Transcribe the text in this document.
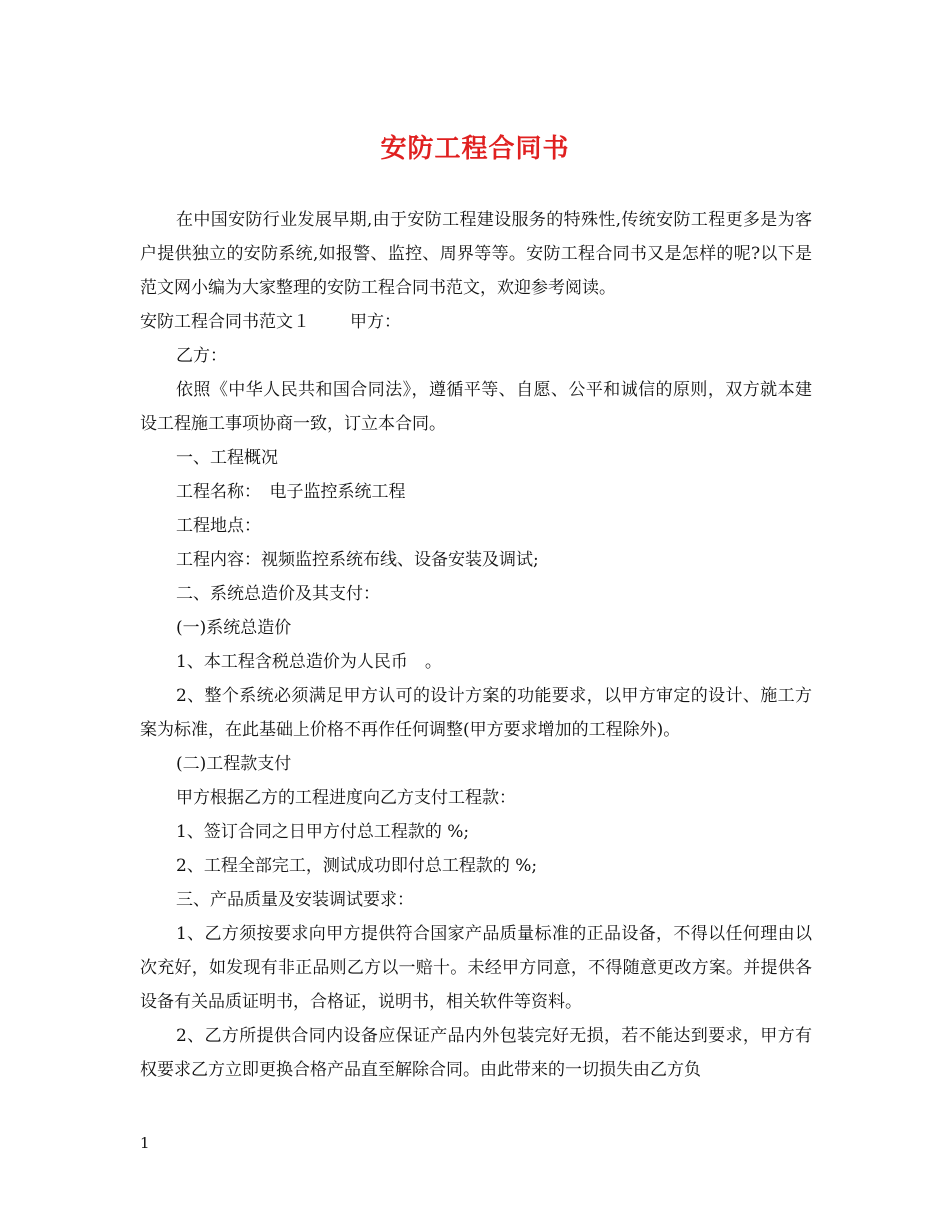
安防工程合同书

在中国安防行业发展早期,由于安防工程建设服务的特殊性,传统安防工程更多是为客户提供独立的安防系统,如报警、监控、周界等等。安防工程合同书又是怎样的呢?以下是范文网小编为大家整理的安防工程合同书范文，欢迎参考阅读。

安防工程合同书范文１ 甲方：

乙方：

依照《中华人民共和国合同法》，遵循平等、自愿、公平和诚信的原则，双方就本建设工程施工事项协商一致，订立本合同。

一、工程概况

工程名称：　电子监控系统工程

工程地点：

工程内容：视频监控系统布线、设备安装及调试;

二、系统总造价及其支付：

(一)系统总造价

1、本工程含税总造价为人民币　。

2、整个系统必须满足甲方认可的设计方案的功能要求，以甲方审定的设计、施工方案为标准，在此基础上价格不再作任何调整(甲方要求增加的工程除外)。

(二)工程款支付

甲方根据乙方的工程进度向乙方支付工程款：

1、签订合同之日甲方付总工程款的 %;

2、工程全部完工，测试成功即付总工程款的 %;

三、产品质量及安装调试要求：

1、乙方须按要求向甲方提供符合国家产品质量标准的正品设备，不得以任何理由以次充好，如发现有非正品则乙方以一赔十。未经甲方同意，不得随意更改方案。并提供各设备有关品质证明书，合格证，说明书，相关软件等资料。

2、乙方所提供合同内设备应保证产品内外包装完好无损，若不能达到要求，甲方有权要求乙方立即更换合格产品直至解除合同。由此带来的一切损失由乙方负

1
